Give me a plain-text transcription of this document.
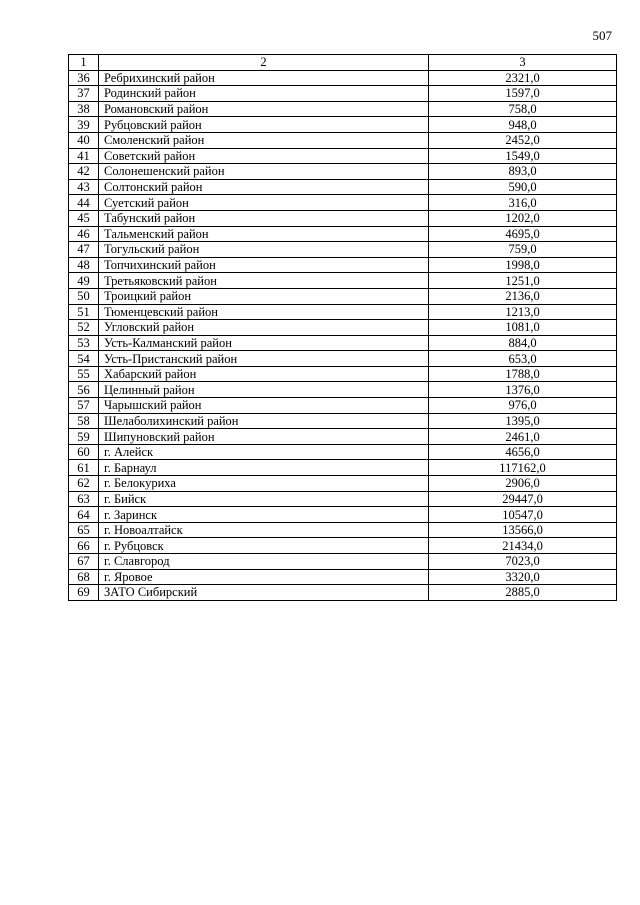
507
1	2	3
36	Ребрихинский район	2321,0
37	Родинский район	1597,0
38	Романовский район	758,0
39	Рубцовский район	948,0
40	Смоленский район	2452,0
41	Советский район	1549,0
42	Солонешенский район	893,0
43	Солтонский район	590,0
44	Суетский район	316,0
45	Табунский район	1202,0
46	Тальменский район	4695,0
47	Тогульский район	759,0
48	Топчихинский район	1998,0
49	Третьяковский район	1251,0
50	Троицкий район	2136,0
51	Тюменцевский район	1213,0
52	Угловский район	1081,0
53	Усть-Калманский район	884,0
54	Усть-Пристанский район	653,0
55	Хабарский район	1788,0
56	Целинный район	1376,0
57	Чарышский район	976,0
58	Шелаболихинский район	1395,0
59	Шипуновский район	2461,0
60	г. Алейск	4656,0
61	г. Барнаул	117162,0
62	г. Белокуриха	2906,0
63	г. Бийск	29447,0
64	г. Заринск	10547,0
65	г. Новоалтайск	13566,0
66	г. Рубцовск	21434,0
67	г. Славгород	7023,0
68	г. Яровое	3320,0
69	ЗАТО Сибирский	2885,0
